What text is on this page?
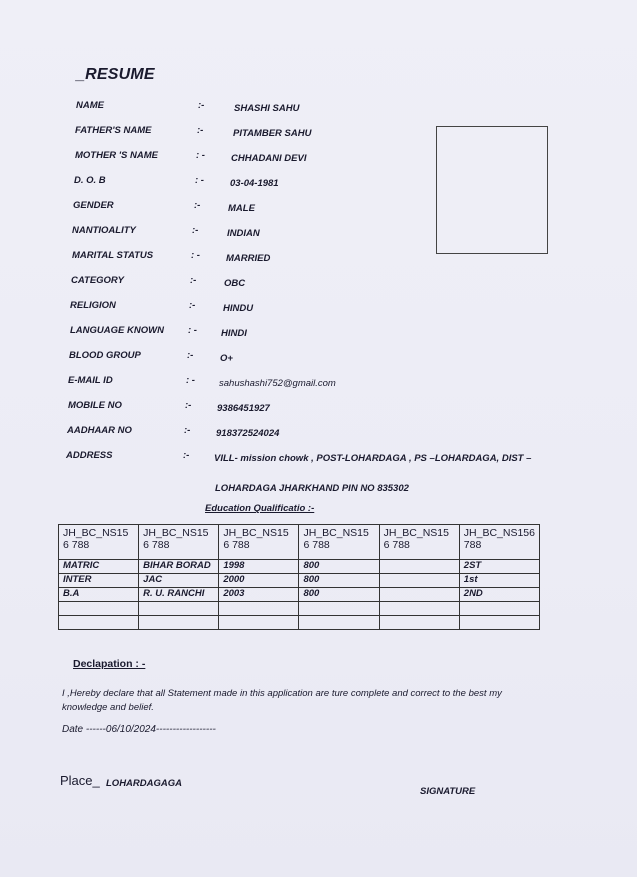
_RESUME
NAME	:-	SHASHI SAHU
FATHER'S NAME	:-	PITAMBER SAHU
MOTHER 'S NAME	: -	CHHADANI DEVI
D. O. B	: -	03-04-1981
GENDER	:-	MALE
NANTIOALITY	:-	INDIAN
MARITAL STATUS	: -	MARRIED
CATEGORY	:-	OBC
RELIGION	:-	HINDU
LANGUAGE KNOWN	: -	HINDI
BLOOD GROUP	:-	O+
E-MAIL ID	: -	sahushashi752@gmail.com
MOBILE NO	:-	9386451927
AADHAAR NO	:-	918372524024
ADDRESS	:-	VILL- mission chowk , POST-LOHARDAGA , PS –LOHARDAGA, DIST –
LOHARDAGA JHARKHAND PIN NO 835302
Education Qualificatio :-
JH_BC_NS156 788	JH_BC_NS156 788	JH_BC_NS156 788	JH_BC_NS156 788	JH_BC_NS156 788	JH_BC_NS156 788
MATRIC	BIHAR BORAD	1998	800		2ST
INTER	JAC	2000	800		1st
B.A	R. U. RANCHI	2003	800		2ND

Declapation : -
I ,Hereby declare that all Statement made in this application are ture complete and correct to the best my knowledge and belief.
Date ------06/10/2024------------------
Place_ LOHARDAGAGA
SIGNATURE
